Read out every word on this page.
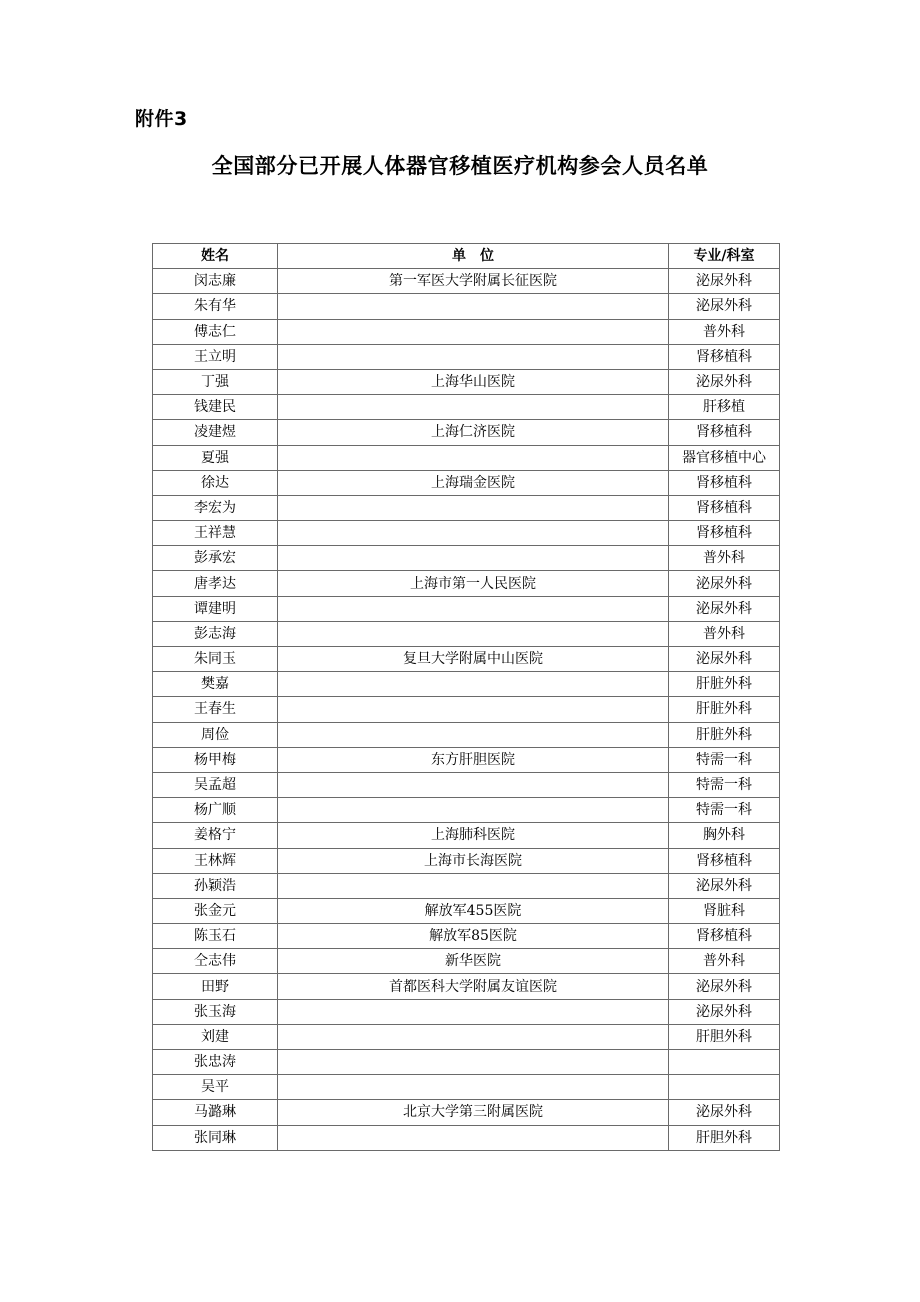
附件3
全国部分已开展人体器官移植医疗机构参会人员名单
姓名	单　位	专业/科室
闵志廉	第一军医大学附属长征医院	泌尿外科
朱有华		泌尿外科
傅志仁		普外科
王立明		肾移植科
丁强	上海华山医院	泌尿外科
钱建民		肝移植
凌建煜	上海仁济医院	肾移植科
夏强		器官移植中心
徐达	上海瑞金医院	肾移植科
李宏为		肾移植科
王祥慧		肾移植科
彭承宏		普外科
唐孝达	上海市第一人民医院	泌尿外科
谭建明		泌尿外科
彭志海		普外科
朱同玉	复旦大学附属中山医院	泌尿外科
樊嘉		肝脏外科
王春生		肝脏外科
周俭		肝脏外科
杨甲梅	东方肝胆医院	特需一科
吴孟超		特需一科
杨广顺		特需一科
姜格宁	上海肺科医院	胸外科
王林辉	上海市长海医院	肾移植科
孙颖浩		泌尿外科
张金元	解放军455医院	肾脏科
陈玉石	解放军85医院	肾移植科
仝志伟	新华医院	普外科
田野	首都医科大学附属友谊医院	泌尿外科
张玉海		泌尿外科
刘建		肝胆外科
张忠涛		
吴平		
马潞琳	北京大学第三附属医院	泌尿外科
张同琳		肝胆外科
